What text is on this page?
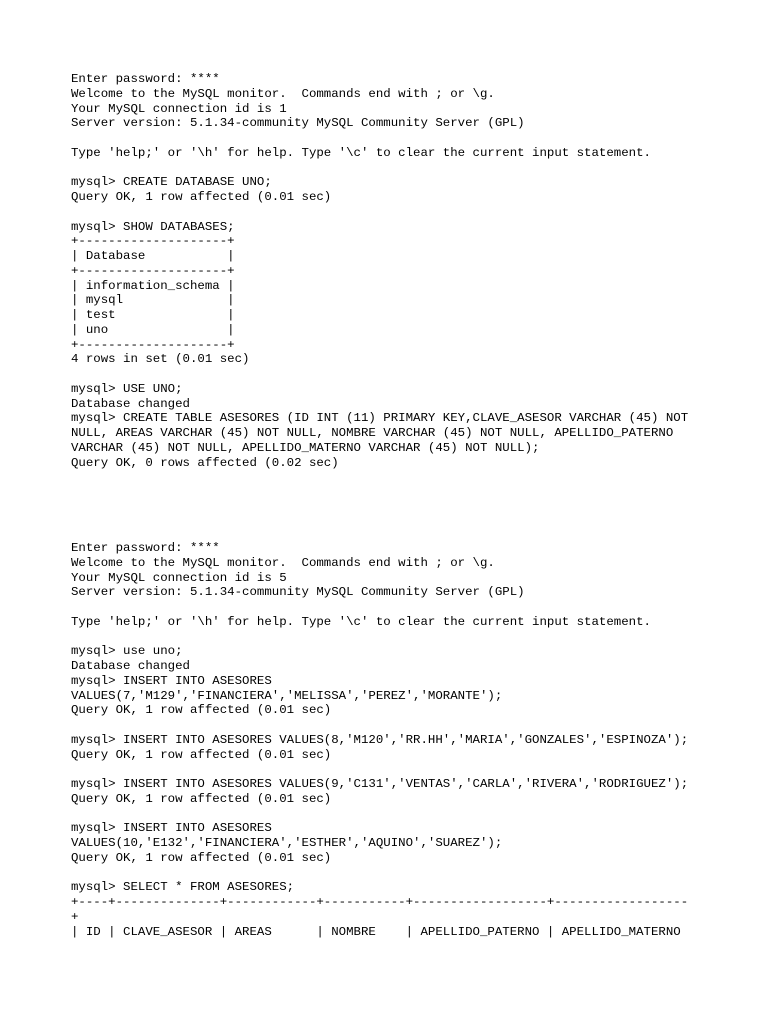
Enter password: ****
Welcome to the MySQL monitor.  Commands end with ; or \g.
Your MySQL connection id is 1
Server version: 5.1.34-community MySQL Community Server (GPL)
Type 'help;' or '\h' for help. Type '\c' to clear the current input statement.
mysql> CREATE DATABASE UNO;
Query OK, 1 row affected (0.01 sec)
mysql> SHOW DATABASES;
+--------------------+
| Database           |
+--------------------+
| information_schema |
| mysql              |
| test               |
| uno                |
+--------------------+
4 rows in set (0.01 sec)
mysql> USE UNO;
Database changed
mysql> CREATE TABLE ASESORES (ID INT (11) PRIMARY KEY,CLAVE_ASESOR VARCHAR (45) NOT
NULL, AREAS VARCHAR (45) NOT NULL, NOMBRE VARCHAR (45) NOT NULL, APELLIDO_PATERNO
VARCHAR (45) NOT NULL, APELLIDO_MATERNO VARCHAR (45) NOT NULL);
Query OK, 0 rows affected (0.02 sec)
Enter password: ****
Welcome to the MySQL monitor.  Commands end with ; or \g.
Your MySQL connection id is 5
Server version: 5.1.34-community MySQL Community Server (GPL)
Type 'help;' or '\h' for help. Type '\c' to clear the current input statement.
mysql> use uno;
Database changed
mysql> INSERT INTO ASESORES
VALUES(7,'M129','FINANCIERA','MELISSA','PEREZ','MORANTE');
Query OK, 1 row affected (0.01 sec)
mysql> INSERT INTO ASESORES VALUES(8,'M120','RR.HH','MARIA','GONZALES','ESPINOZA');
Query OK, 1 row affected (0.01 sec)
mysql> INSERT INTO ASESORES VALUES(9,'C131','VENTAS','CARLA','RIVERA','RODRIGUEZ');
Query OK, 1 row affected (0.01 sec)
mysql> INSERT INTO ASESORES
VALUES(10,'E132','FINANCIERA','ESTHER','AQUINO','SUAREZ');
Query OK, 1 row affected (0.01 sec)
mysql> SELECT * FROM ASESORES;
+----+--------------+------------+-----------+------------------+------------------
+
| ID | CLAVE_ASESOR | AREAS      | NOMBRE    | APELLIDO_PATERNO | APELLIDO_MATERNO
